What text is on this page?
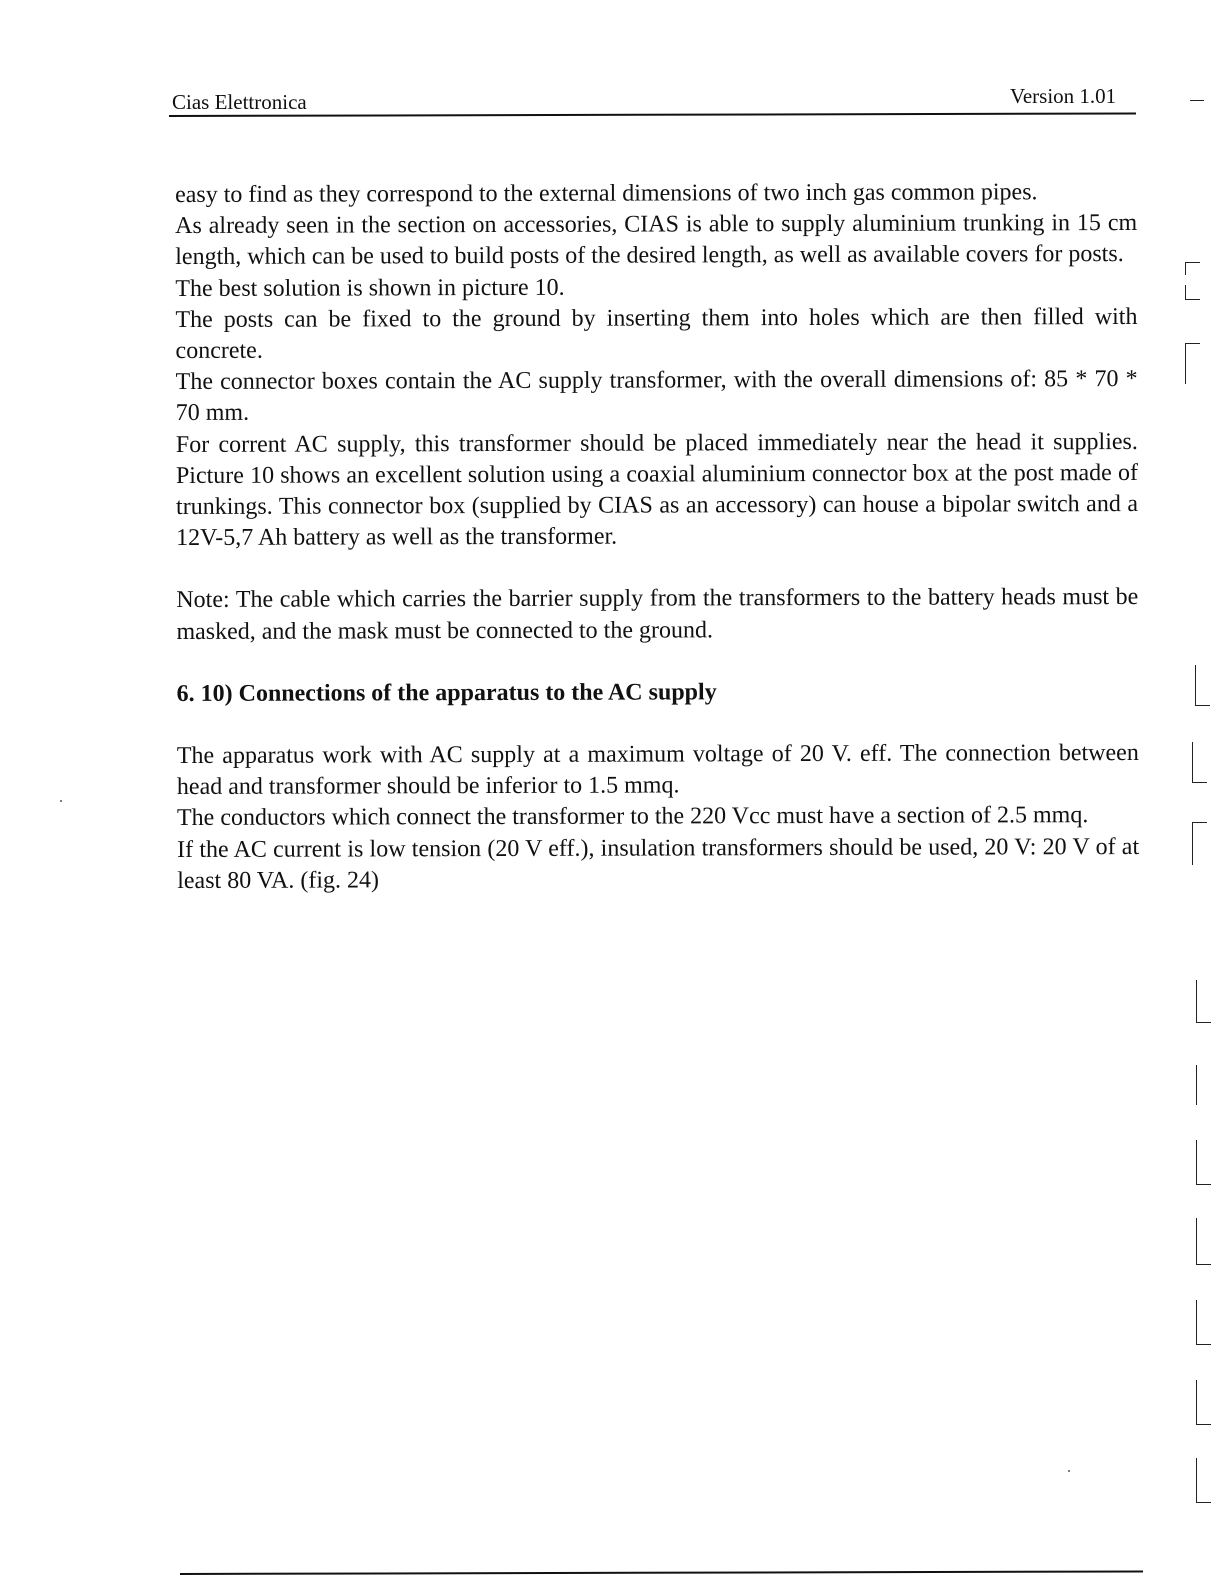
Cias Elettronica	Version 1.01

easy to find as they correspond to the external dimensions of two inch gas common pipes.

As already seen in the section on accessories, CIAS is able to supply aluminium trunking in 15 cm length, which can be used to build posts of the desired length, as well as available covers for posts.

The best solution is shown in picture 10.

The posts can be fixed to the ground by inserting them into holes which are then filled with concrete.

The connector boxes contain the AC supply transformer, with the overall dimensions of: 85 * 70 * 70 mm.

For corrent AC supply, this transformer should be placed immediately near the head it supplies. Picture 10 shows an excellent solution using a coaxial aluminium connector box at the post made of trunkings. This connector box (supplied by CIAS as an accessory) can house a bipolar switch and a 12V-5,7 Ah battery as well as the transformer.

Note: The cable which carries the barrier supply from the transformers to the battery heads must be masked, and the mask must be connected to the ground.

6. 10) Connections of the apparatus to the AC supply

The apparatus work with AC supply at a maximum voltage of 20 V. eff. The connection between head and transformer should be inferior to 1.5 mmq.

The conductors which connect the transformer to the 220 Vcc must have a section of 2.5 mmq.

If the AC current is low tension (20 V eff.), insulation transformers should be used, 20 V: 20 V of at least 80 VA. (fig. 24)
